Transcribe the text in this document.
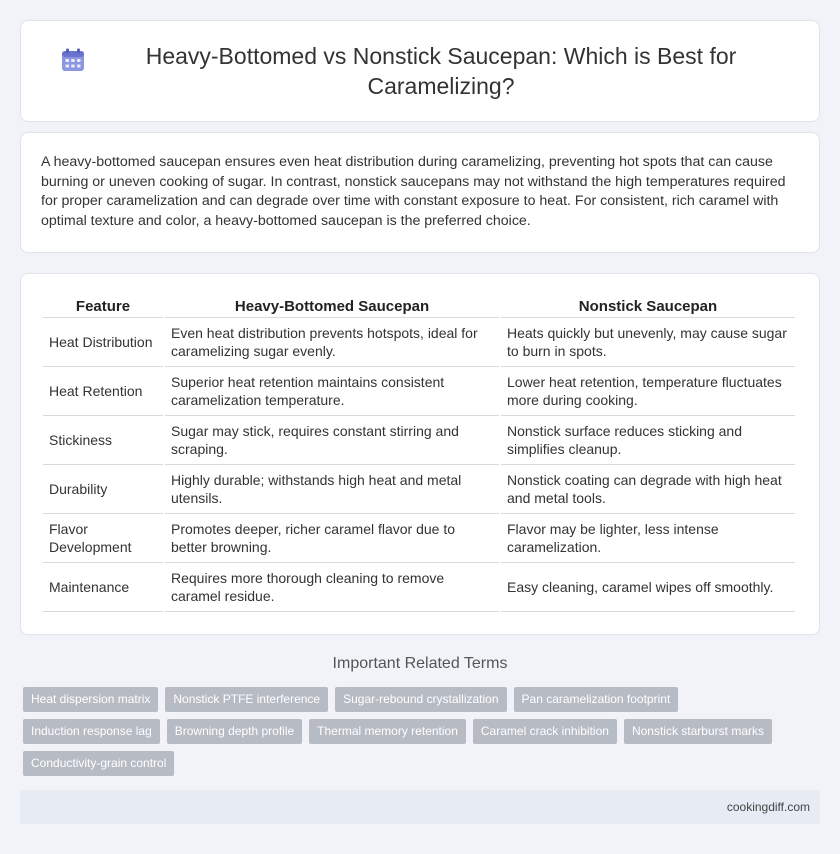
Heavy-Bottomed vs Nonstick Saucepan: Which is Best for Caramelizing?

A heavy-bottomed saucepan ensures even heat distribution during caramelizing, preventing hot spots that can cause burning or uneven cooking of sugar. In contrast, nonstick saucepans may not withstand the high temperatures required for proper caramelization and can degrade over time with constant exposure to heat. For consistent, rich caramel with optimal texture and color, a heavy-bottomed saucepan is the preferred choice.

Feature	Heavy-Bottomed Saucepan	Nonstick Saucepan
Heat Distribution	Even heat distribution prevents hotspots, ideal for caramelizing sugar evenly.	Heats quickly but unevenly, may cause sugar to burn in spots.
Heat Retention	Superior heat retention maintains consistent caramelization temperature.	Lower heat retention, temperature fluctuates more during cooking.
Stickiness	Sugar may stick, requires constant stirring and scraping.	Nonstick surface reduces sticking and simplifies cleanup.
Durability	Highly durable; withstands high heat and metal utensils.	Nonstick coating can degrade with high heat and metal tools.
Flavor Development	Promotes deeper, richer caramel flavor due to better browning.	Flavor may be lighter, less intense caramelization.
Maintenance	Requires more thorough cleaning to remove caramel residue.	Easy cleaning, caramel wipes off smoothly.
Important Related Terms
Heat dispersion matrix	Nonstick PTFE interference	Sugar-rebound crystallization	Pan caramelization footprint
Induction response lag	Browning depth profile	Thermal memory retention	Caramel crack inhibition	Nonstick starburst marks
Conductivity-grain control
cookingdiff.com
